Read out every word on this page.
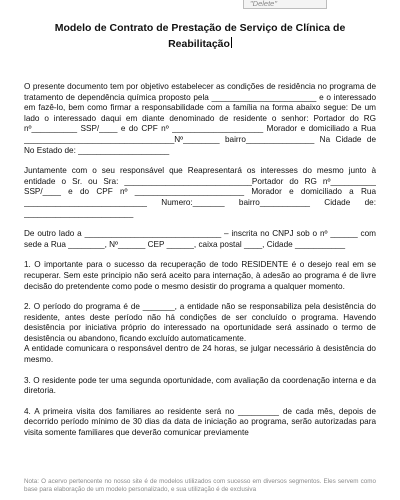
"Delete"
Modelo de Contrato de Prestação de Serviço de Clínica de
Reabilitação

O presente documento tem por objetivo estabelecer as condições de residência no programa de tratamento de dependência química proposto pela _______________________ e o interessado em fazê-lo, bem como firmar a responsabilidade com a família na forma abaixo segue: De um lado o interessado daqui em diante denominado de residente o senhor: Portador do RG nº__________ SSP/____ e do CPF nº ____________________ Morador e domiciliado a Rua _________________________________Nº________ bairro_______________ Na Cidade de No Estado de: ____________________

Juntamente com o seu responsável que Reapresentará os interesses do mesmo junto à entidade o Sr. ou Sra: ____________________________Portador do RG nº__________ SSP/____ e do CPF nº ________________________ Morador e domiciliado a Rua ___________________________ Numero:_______ bairro___________ Cidade de: ________________________

De outro lado a ______________________________ – inscrita no CNPJ sob o nº ______ com sede a Rua ________, Nº______ CEP ______, caixa postal ____, Cidade ___________

1. O importante para o sucesso da recuperação de todo RESIDENTE é o desejo real em se recuperar. Sem este principio não será aceito para internação, à adesão ao programa é de livre decisão do pretendente como pode o mesmo desistir do programa a qualquer momento.

2. O período do programa é de _______, a entidade não se responsabiliza pela desistência do residente, antes deste período não há condições de ser concluído o programa. Havendo desistência por iniciativa próprio do interessado na oportunidade será assinado o termo de desistência ou abandono, ficando excluído automaticamente.

A entidade comunicara o responsável dentro de 24 horas, se julgar necessário à desistência do mesmo.

3. O residente pode ter uma segunda oportunidade, com avaliação da coordenação interna e da diretoria.

4. A primeira visita dos familiares ao residente será no _________ de cada mês, depois de decorrido período mínimo de 30 dias da data de iniciação ao programa, serão autorizadas para visita somente familiares que deverão comunicar previamente

Nota: O acervo pertencente no nosso site é de modelos utilizados com sucesso em diversos segmentos. Eles servem como base para elaboração de um modelo personalizado, e sua utilização é de exclusiva
